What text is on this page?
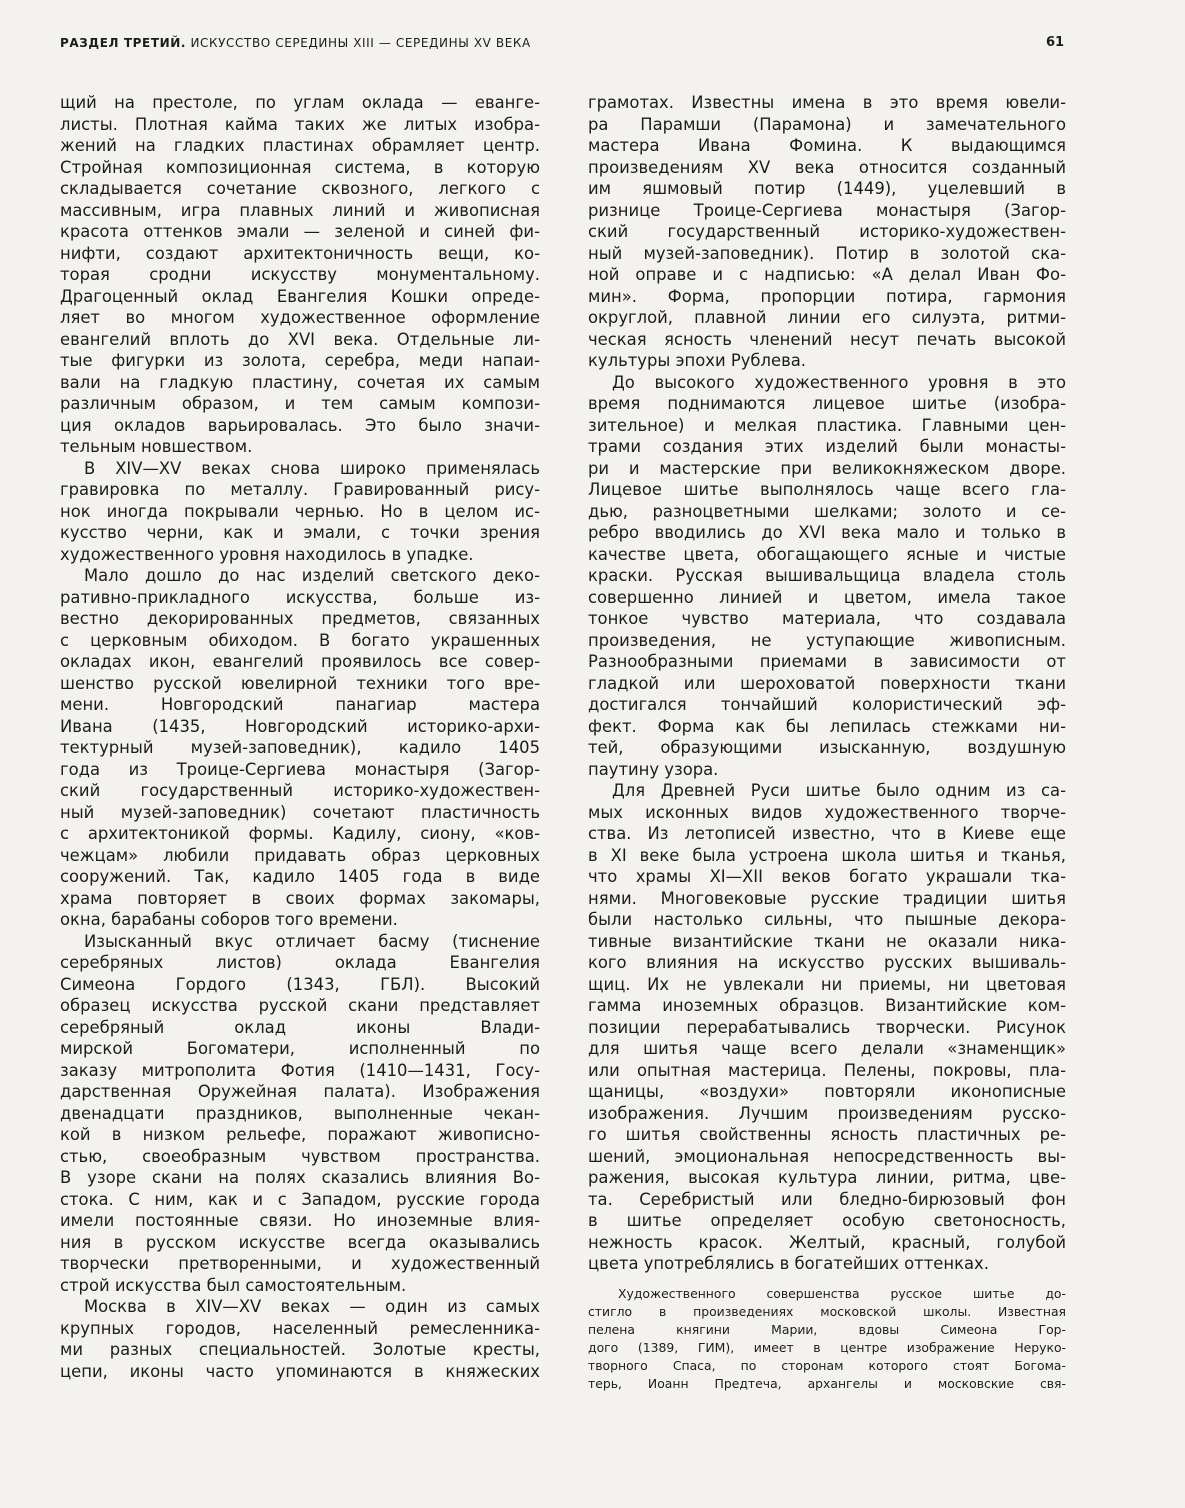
РАЗДЕЛ ТРЕТИЙ. ИСКУССТВО СЕРЕДИНЫ XIII — СЕРЕДИНЫ XV ВЕКА	61
щий на престоле, по углам оклада — еванге-
листы. Плотная кайма таких же литых изобра-
жений на гладких пластинах обрамляет центр.
Стройная композиционная система, в которую
складывается сочетание сквозного, легкого с
массивным, игра плавных линий и живописная
красота оттенков эмали — зеленой и синей фи-
нифти, создают архитектоничность вещи, ко-
торая сродни искусству монументальному.
Драгоценный оклад Евангелия Кошки опреде-
ляет во многом художественное оформление
евангелий вплоть до XVI века. Отдельные ли-
тые фигурки из золота, серебра, меди напаи-
вали на гладкую пластину, сочетая их самым
различным образом, и тем самым компози-
ция окладов варьировалась. Это было значи-
тельным новшеством.
В XIV—XV веках снова широко применялась
гравировка по металлу. Гравированный рису-
нок иногда покрывали чернью. Но в целом ис-
кусство черни, как и эмали, с точки зрения
художественного уровня находилось в упадке.
Мало дошло до нас изделий светского деко-
ративно-прикладного искусства, больше из-
вестно декорированных предметов, связанных
с церковным обиходом. В богато украшенных
окладах икон, евангелий проявилось все совер-
шенство русской ювелирной техники того вре-
мени. Новгородский панагиар мастера
Ивана (1435, Новгородский историко-архи-
тектурный музей-заповедник), кадило 1405
года из Троице-Сергиева монастыря (Загор-
ский государственный историко-художествен-
ный музей-заповедник) сочетают пластичность
с архитектоникой формы. Кадилу, сиону, «ков-
чежцам» любили придавать образ церковных
сооружений. Так, кадило 1405 года в виде
храма повторяет в своих формах закомары,
окна, барабаны соборов того времени.
Изысканный вкус отличает басму (тиснение
серебряных листов) оклада Евангелия
Симеона Гордого (1343, ГБЛ). Высокий
образец искусства русской скани представляет
серебряный оклад иконы Влади-
мирской Богоматери, исполненный по
заказу митрополита Фотия (1410—1431, Госу-
дарственная Оружейная палата). Изображения
двенадцати праздников, выполненные чекан-
кой в низком рельефе, поражают живописно-
стью, своеобразным чувством пространства.
В узоре скани на полях сказались влияния Во-
стока. С ним, как и с Западом, русские города
имели постоянные связи. Но иноземные влия-
ния в русском искусстве всегда оказывались
творчески претворенными, и художественный
строй искусства был самостоятельным.
Москва в XIV—XV веках — один из самых
крупных городов, населенный ремесленника-
ми разных специальностей. Золотые кресты,
цепи, иконы часто упоминаются в княжеских
грамотах. Известны имена в это время ювели-
ра Парамши (Парамона) и замечательного
мастера Ивана Фомина. К выдающимся
произведениям XV века относится созданный
им яшмовый потир (1449), уцелевший в
ризнице Троице-Сергиева монастыря (Загор-
ский государственный историко-художествен-
ный музей-заповедник). Потир в золотой ска-
ной оправе и с надписью: «А делал Иван Фо-
мин». Форма, пропорции потира, гармония
округлой, плавной линии его силуэта, ритми-
ческая ясность членений несут печать высокой
культуры эпохи Рублева.
До высокого художественного уровня в это
время поднимаются лицевое шитье (изобра-
зительное) и мелкая пластика. Главными цен-
трами создания этих изделий были монасты-
ри и мастерские при великокняжеском дворе.
Лицевое шитье выполнялось чаще всего гла-
дью, разноцветными шелками; золото и се-
ребро вводились до XVI века мало и только в
качестве цвета, обогащающего ясные и чистые
краски. Русская вышивальщица владела столь
совершенно линией и цветом, имела такое
тонкое чувство материала, что создавала
произведения, не уступающие живописным.
Разнообразными приемами в зависимости от
гладкой или шероховатой поверхности ткани
достигался тончайший колористический эф-
фект. Форма как бы лепилась стежками ни-
тей, образующими изысканную, воздушную
паутину узора.
Для Древней Руси шитье было одним из са-
мых исконных видов художественного творче-
ства. Из летописей известно, что в Киеве еще
в XI веке была устроена школа шитья и тканья,
что храмы XI—XII веков богато украшали тка-
нями. Многовековые русские традиции шитья
были настолько сильны, что пышные декора-
тивные византийские ткани не оказали ника-
кого влияния на искусство русских вышиваль-
щиц. Их не увлекали ни приемы, ни цветовая
гамма иноземных образцов. Византийские ком-
позиции перерабатывались творчески. Рисунок
для шитья чаще всего делали «знаменщик»
или опытная мастерица. Пелены, покровы, пла-
щаницы, «воздухи» повторяли иконописные
изображения. Лучшим произведениям русско-
го шитья свойственны ясность пластичных ре-
шений, эмоциональная непосредственность вы-
ражения, высокая культура линии, ритма, цве-
та. Серебристый или бледно-бирюзовый фон
в шитье определяет особую светоносность,
нежность красок. Желтый, красный, голубой
цвета употреблялись в богатейших оттенках.
Художественного совершенства русское шитье до-
стигло в произведениях московской школы. Известная
пелена княгини Марии, вдовы Симеона Гор-
дого (1389, ГИМ), имеет в центре изображение Неруко-
творного Спаса, по сторонам которого стоят Богома-
терь, Иоанн Предтеча, архангелы и московские свя-
